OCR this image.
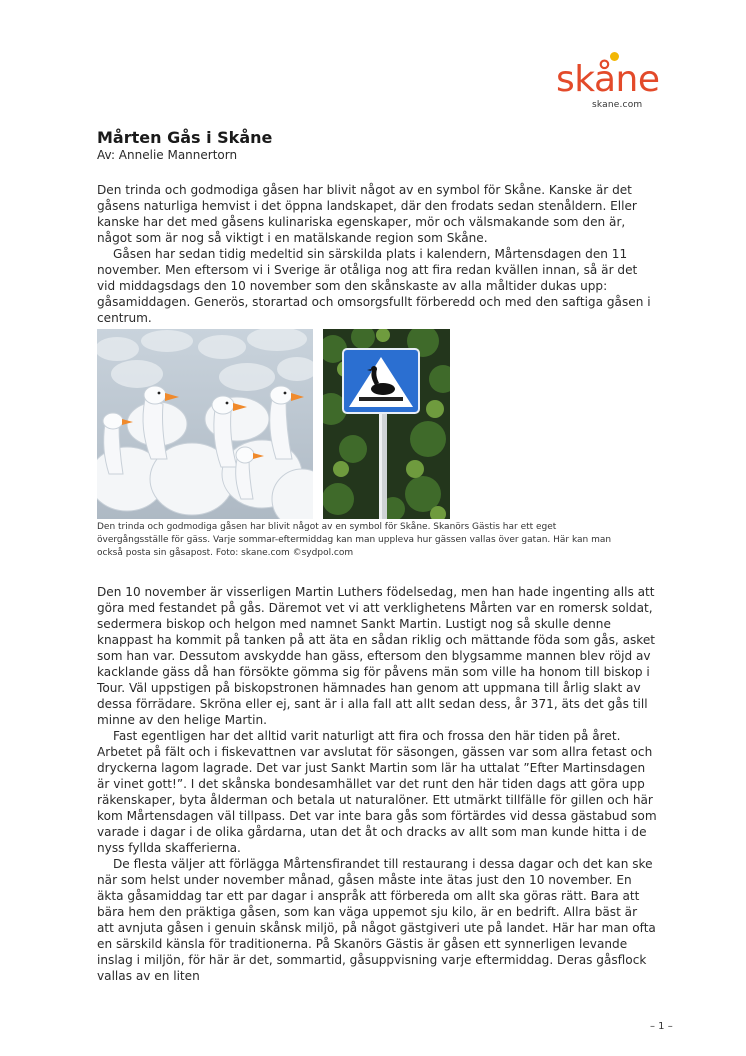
skåne
skane.com
Mårten Gås i Skåne
Av: Annelie Mannertorn

Den trinda och godmodiga gåsen har blivit något av en symbol för Skåne. Kanske är det gåsens naturliga hemvist i det öppna landskapet, där den frodats sedan stenåldern. Eller kanske har det med gåsens kulinariska egenskaper, mör och välsmakande som den är, något som är nog så viktigt i en matälskande region som Skåne.

Gåsen har sedan tidig medeltid sin särskilda plats i kalendern, Mårtensdagen den 11 november. Men eftersom vi i Sverige är otåliga nog att fira redan kvällen innan, så är det vid middagsdags den 10 november som den skånskaste av alla måltider dukas upp: gåsamiddagen. Generös, storartad och omsorgsfullt förberedd och med den saftiga gåsen i centrum.

Den trinda och godmodiga gåsen har blivit något av en symbol för Skåne. Skanörs Gästis har ett eget övergångsställe för gäss. Varje sommar-eftermiddag kan man uppleva hur gässen vallas över gatan. Här kan man också posta sin gåsapost. Foto: skane.com ©sydpol.com

Den 10 november är visserligen Martin Luthers födelsedag, men han hade ingenting alls att göra med festandet på gås. Däremot vet vi att verklighetens Mårten var en romersk soldat, sedermera biskop och helgon med namnet Sankt Martin. Lustigt nog så skulle denne knappast ha kommit på tanken på att äta en sådan riklig och mättande föda som gås, asket som han var. Dessutom avskydde han gäss, eftersom den blygsamme mannen blev röjd av kacklande gäss då han försökte gömma sig för påvens män som ville ha honom till biskop i Tour. Väl uppstigen på biskopstronen hämnades han genom att uppmana till årlig slakt av dessa förrädare. Skröna eller ej, sant är i alla fall att allt sedan dess, år 371, äts det gås till minne av den helige Martin.

Fast egentligen har det alltid varit naturligt att fira och frossa den här tiden på året. Arbetet på fält och i fiskevattnen var avslutat för säsongen, gässen var som allra fetast och dryckerna lagom lagrade. Det var just Sankt Martin som lär ha uttalat ”Efter Martinsdagen är vinet gott!”. I det skånska bondesamhället var det runt den här tiden dags att göra upp räkenskaper, byta ålderman och betala ut naturalöner. Ett utmärkt tillfälle för gillen och här kom Mårtensdagen väl tillpass. Det var inte bara gås som förtärdes vid dessa gästabud som varade i dagar i de olika gårdarna, utan det åt och dracks av allt som man kunde hitta i de nyss fyllda skafferierna.

De flesta väljer att förlägga Mårtensfirandet till restaurang i dessa dagar och det kan ske när som helst under november månad, gåsen måste inte ätas just den 10 november. En äkta gåsamiddag tar ett par dagar i anspråk att förbereda om allt ska göras rätt. Bara att bära hem den präktiga gåsen, som kan väga uppemot sju kilo, är en bedrift. Allra bäst är att avnjuta gåsen i genuin skånsk miljö, på något gästgiveri ute på landet. Här har man ofta en särskild känsla för traditionerna. På Skanörs Gästis är gåsen ett synnerligen levande inslag i miljön, för här är det, sommartid, gåsuppvisning varje eftermiddag. Deras gåsflock vallas av en liten

– 1 –
